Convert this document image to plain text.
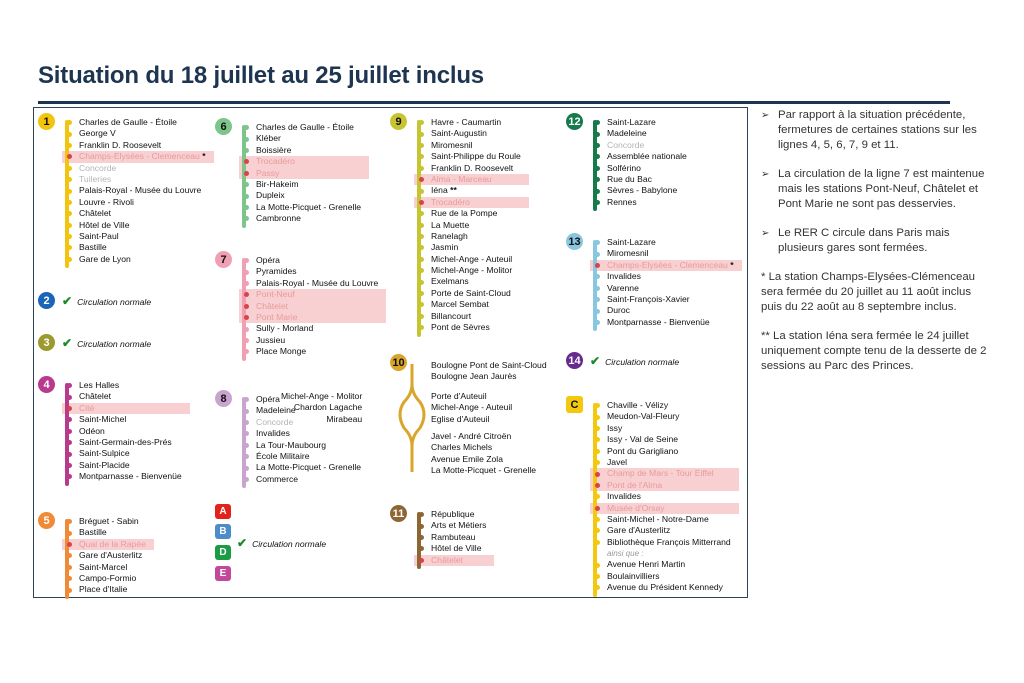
Situation du 18 juillet au 25 juillet inclus
1	Charles de Gaulle - Étoile
George V
Franklin D. Roosevelt
Champs-Elysées - Clemenceau *
Concorde
Tuileries
Palais-Royal - Musée du Louvre
Louvre - Rivoli
Châtelet
Hôtel de Ville
Saint-Paul
Bastille
Gare de Lyon
2	✔ Circulation normale
3	✔ Circulation normale
4	Les Halles
Châtelet
Cité
Saint-Michel
Odéon
Saint-Germain-des-Prés
Saint-Sulpice
Saint-Placide
Montparnasse - Bienvenüe
5	Bréguet - Sabin
Bastille
Quai de la Rapée
Gare d'Austerlitz
Saint-Marcel
Campo-Formio
Place d'Italie
6	Charles de Gaulle - Étoile
Kléber
Boissière
Trocadéro
Passy
Bir-Hakeim
Dupleix
La Motte-Picquet - Grenelle
Cambronne
7	Opéra
Pyramides
Palais-Royal - Musée du Louvre
Pont-Neuf
Châtelet
Pont Marie
Sully - Morland
Jussieu
Place Monge
8	Opéra
Madeleine
Concorde
Invalides
La Tour-Maubourg
École Militaire
La Motte-Picquet - Grenelle
Commerce
9	Havre - Caumartin
Saint-Augustin
Miromesnil
Saint-Philippe du Roule
Franklin D. Roosevelt
Alma - Marceau
Iéna **
Trocadéro
Rue de la Pompe
La Muette
Ranelagh
Jasmin
Michel-Ange - Auteuil
Michel-Ange - Molitor
Exelmans
Porte de Saint-Cloud
Marcel Sembat
Billancourt
Pont de Sèvres
11	République
Arts et Métiers
Rambuteau
Hôtel de Ville
Châtelet
12	Saint-Lazare
Madeleine
Concorde
Assemblée nationale
Solférino
Rue du Bac
Sèvres - Babylone
Rennes
13	Saint-Lazare
Miromesnil
Champs-Elysées - Clemenceau *
Invalides
Varenne
Saint-François-Xavier
Duroc
Montparnasse - Bienvenüe
14 ✔ Circulation normale
C	Chaville - Vélizy
Meudon-Val-Fleury
Issy
Issy - Val de Seine
Pont du Garigliano
Javel
Champ de Mars - Tour Eiffel
Pont de l'Alma
Invalides
Musée d'Orsay
Saint-Michel - Notre-Dame
Gare d'Austerlitz
Bibliothèque François Mitterrand
ainsi que :
Avenue Henri Martin
Boulainvilliers
Avenue du Président Kennedy
10	Boulogne Pont de Saint-Cloud
Boulogne Jean Jaurès
Porte d'Auteuil
Michel-Ange - Auteuil
Eglise d'Auteuil
Javel - André Citroën
Charles Michels
Avenue Emile Zola
La Motte-Picquet - Grenelle
Michel-Ange - Molitor
Chardon Lagache
Mirabeau
A
B
D
E
✔ Circulation normale
➢ Par rapport à la situation précédente, fermetures de certaines stations sur les lignes 4, 5, 6, 7, 9 et 11.
➢ La circulation de la ligne 7 est maintenue mais les stations Pont-Neuf, Châtelet et Pont Marie ne sont pas desservies.
➢ Le RER C circule dans Paris mais plusieurs gares sont fermées.
* La station Champs-Elysées-Clémenceau sera fermée du 20 juillet au 11 août inclus puis du 22 août au 8 septembre inclus.
** La station Iéna sera fermée le 24 juillet uniquement compte tenu de la desserte de 2 sessions au Parc des Princes.
